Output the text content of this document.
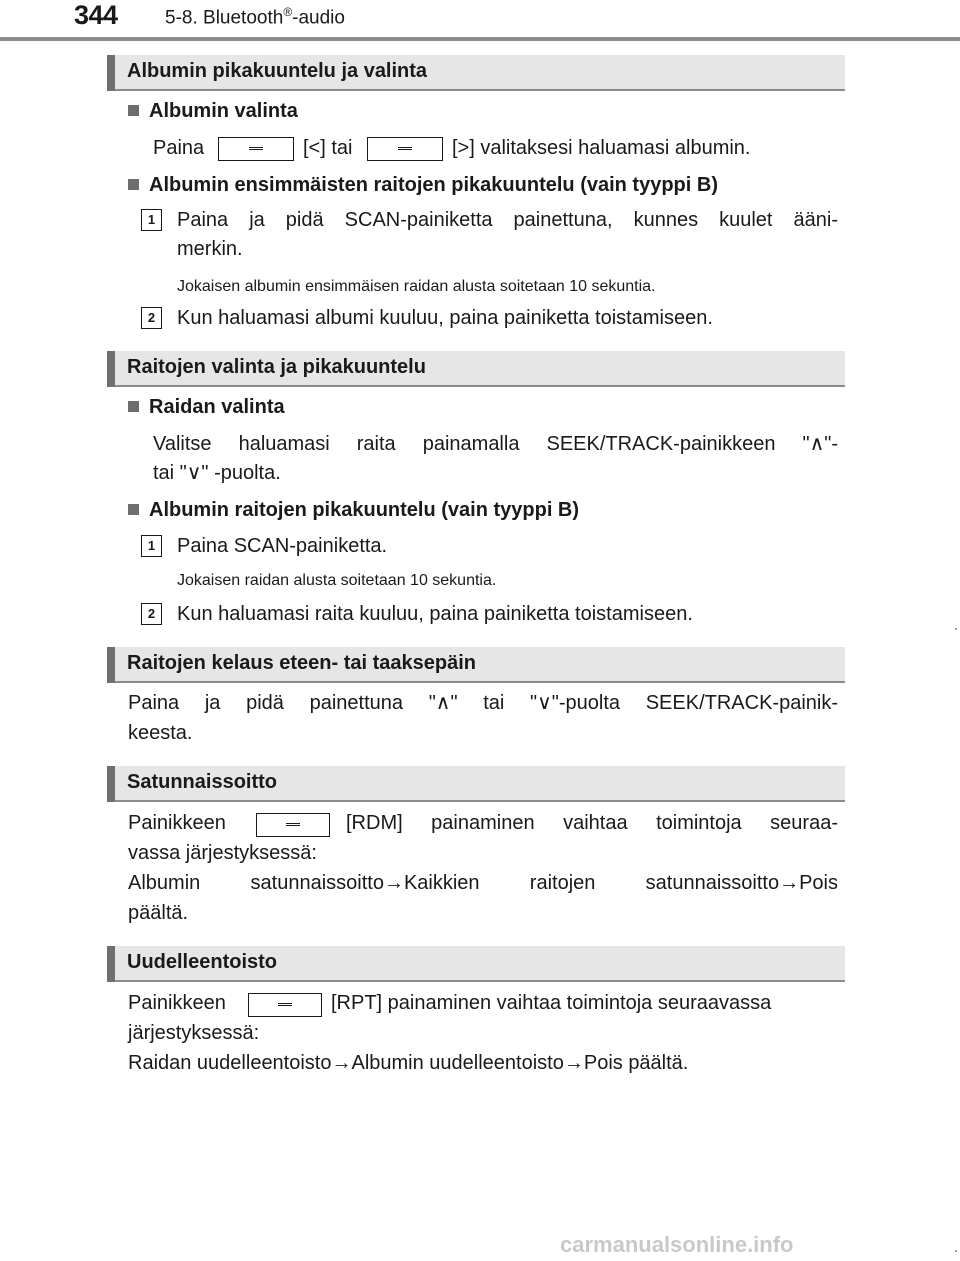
344 5-8. Bluetooth®-audio
Albumin pikakuuntelu ja valinta
Albumin valinta
Paina	[<] tai	[>] valitaksesi haluamasi albumin.
Albumin ensimmäisten raitojen pikakuuntelu (vain tyyppi B)
1	Paina ja pidä SCAN-painiketta painettuna, kunnes kuulet ääni-
merkin.
Jokaisen albumin ensimmäisen raidan alusta soitetaan 10 sekuntia.
2	Kun haluamasi albumi kuuluu, paina painiketta toistamiseen.
Raitojen valinta ja pikakuuntelu
Raidan valinta
Valitse haluamasi raita painamalla SEEK/TRACK-painikkeen "∧"-
tai "∨" -puolta.
Albumin raitojen pikakuuntelu (vain tyyppi B)
1	Paina SCAN-painiketta.
Jokaisen raidan alusta soitetaan 10 sekuntia.
2	Kun haluamasi raita kuuluu, paina painiketta toistamiseen.
Raitojen kelaus eteen- tai taaksepäin
Paina ja pidä painettuna "∧" tai "∨"-puolta SEEK/TRACK-painik-
keesta.
Satunnaissoitto
Painikkeen	[RDM] painaminen vaihtaa toimintoja seuraa-
vassa järjestyksessä:
Albumin satunnaissoitto→Kaikkien raitojen satunnaissoitto→Pois
päältä.
Uudelleentoisto
Painikkeen	[RPT] painaminen vaihtaa toimintoja seuraavassa
järjestyksessä:
Raidan uudelleentoisto→Albumin uudelleentoisto→Pois päältä.
carmanualsonline.info
